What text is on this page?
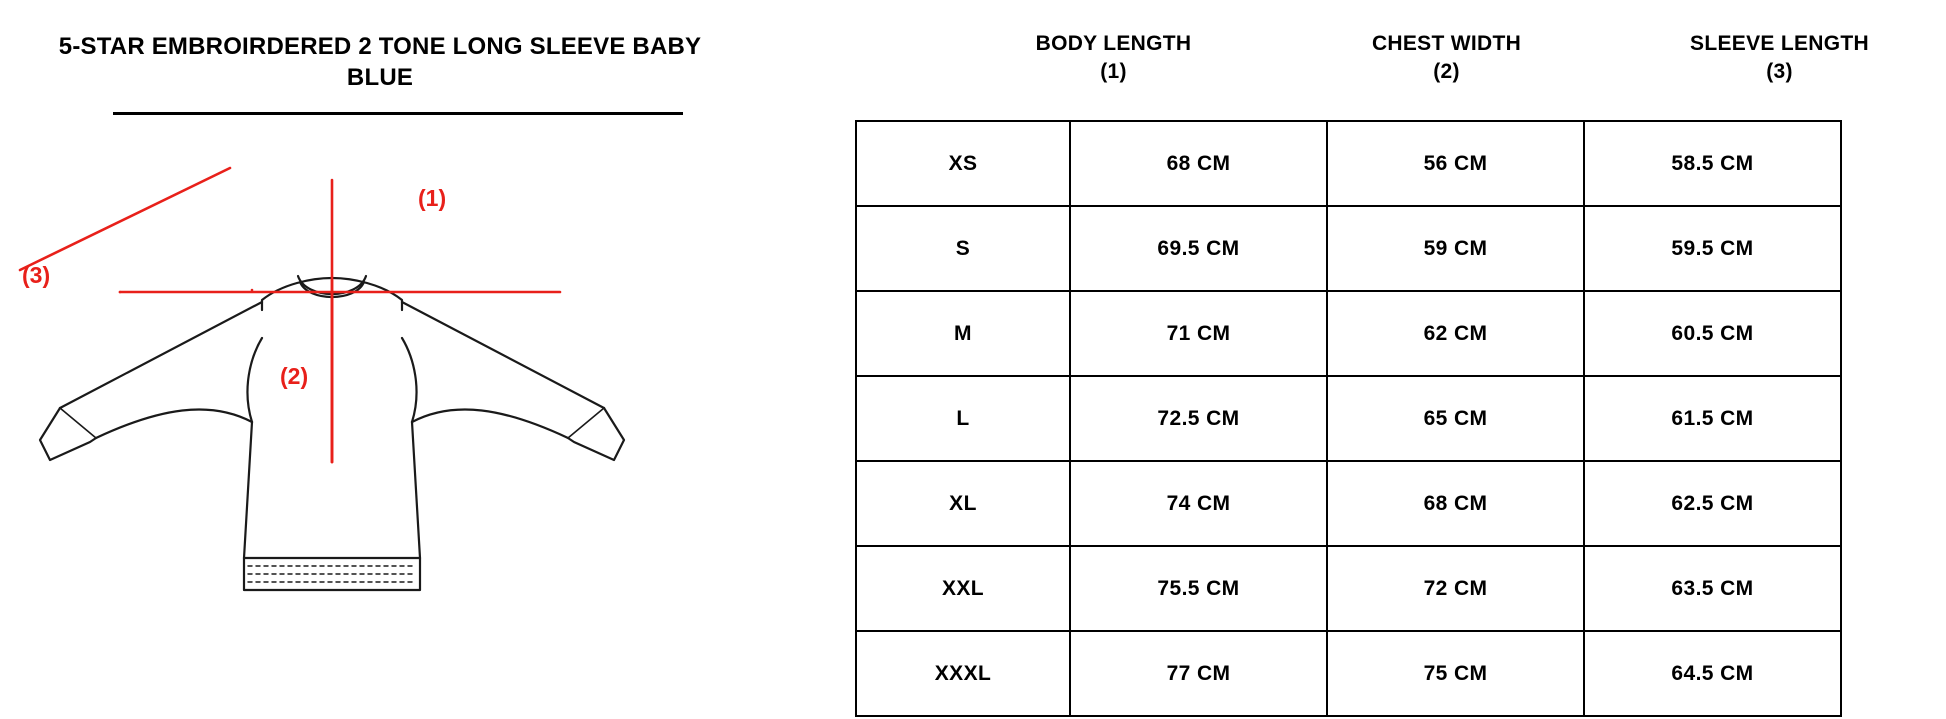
5-STAR EMBROIRDERED 2 TONE LONG SLEEVE BABY BLUE
(1)
(2)
(3)
BODY LENGTH
(1)
CHEST WIDTH
(2)
SLEEVE LENGTH
(3)
XS	68 CM	56 CM	58.5 CM
S	69.5 CM	59 CM	59.5 CM
M	71 CM	62 CM	60.5 CM
L	72.5 CM	65 CM	61.5 CM
XL	74 CM	68 CM	62.5 CM
XXL	75.5 CM	72 CM	63.5 CM
XXXL	77 CM	75 CM	64.5 CM
